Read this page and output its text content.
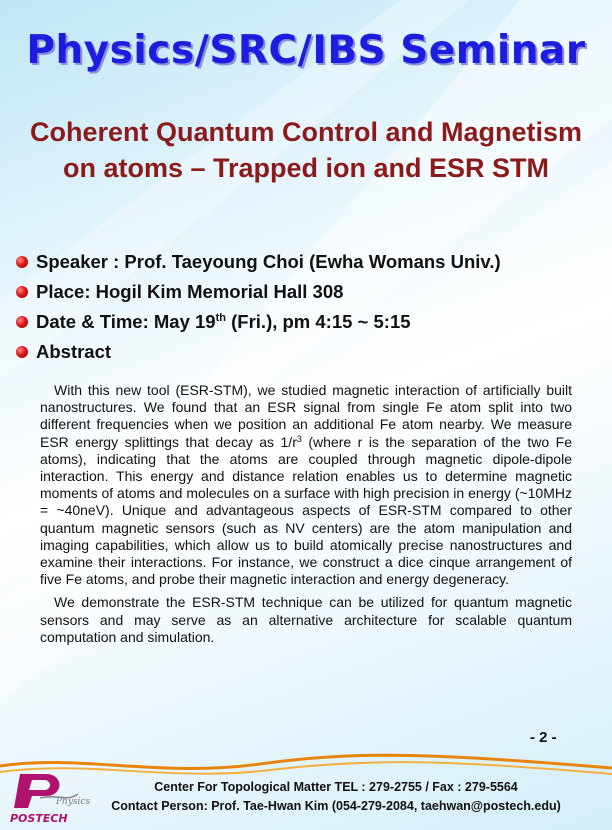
Physics/SRC/IBS Seminar
Coherent Quantum Control and Magnetism on atoms – Trapped ion and ESR STM
Speaker : Prof. Taeyoung Choi (Ewha Womans Univ.)
Place: Hogil Kim Memorial Hall 308
Date & Time: May 19th (Fri.), pm 4:15 ~ 5:15
Abstract

With this new tool (ESR-STM), we studied magnetic interaction of artificially built nanostructures. We found that an ESR signal from single Fe atom split into two different frequencies when we position an additional Fe atom nearby. We measure ESR energy splittings that decay as $1/r^3$ (where r is the separation of the two Fe atoms), indicating that the atoms are coupled through magnetic dipole-dipole interaction. This energy and distance relation enables us to determine magnetic moments of atoms and molecules on a surface with high precision in energy (~10MHz = ~40neV). Unique and advantageous aspects of ESR-STM compared to other quantum magnetic sensors (such as NV centers) are the atom manipulation and imaging capabilities, which allow us to build atomically precise nanostructures and examine their interactions. For instance, we construct a dice cinque arrangement of five Fe atoms, and probe their magnetic interaction and energy degeneracy.

We demonstrate the ESR-STM technique can be utilized for quantum magnetic sensors and may serve as an alternative architecture for scalable quantum computation and simulation.

- 2 -
Physics
POSTECH
Center For Topological Matter TEL : 279-2755 / Fax : 279-5564
Contact Person: Prof. Tae-Hwan Kim (054-279-2084, taehwan@postech.edu)
